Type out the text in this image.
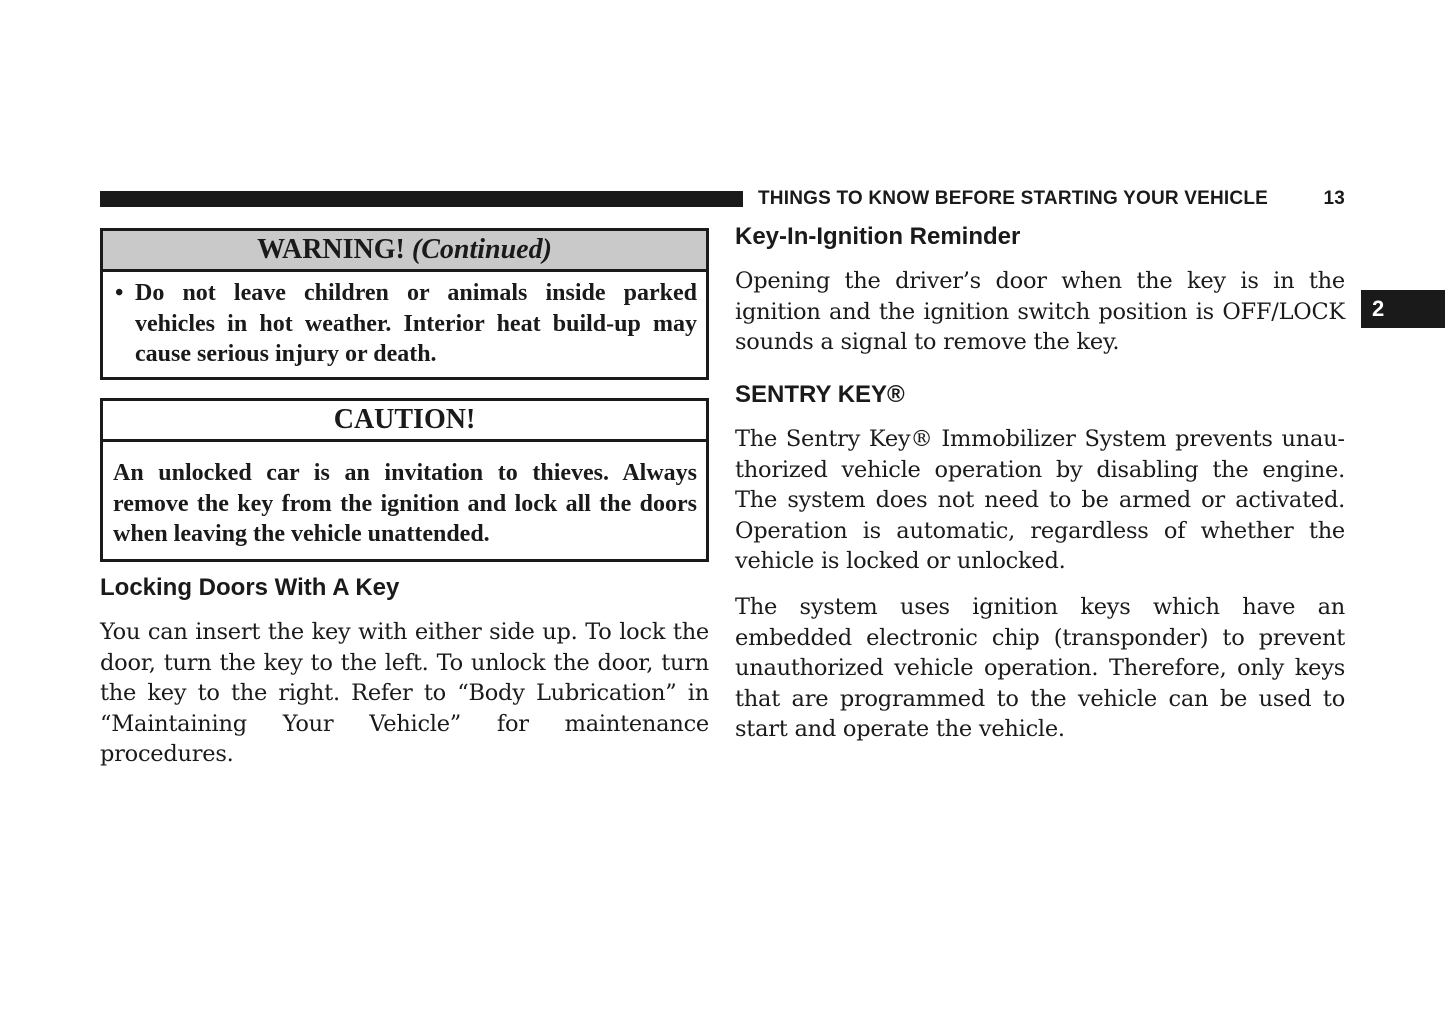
THINGS TO KNOW BEFORE STARTING YOUR VEHICLE	13
2
WARNING! (Continued)
• Do not leave children or animals inside parked vehicles in hot weather. Interior heat build-up may cause serious injury or death.
CAUTION!
An unlocked car is an invitation to thieves. Always remove the key from the ignition and lock all the doors when leaving the vehicle unattended.
Locking Doors With A Key
You can insert the key with either side up. To lock the door, turn the key to the left. To unlock the door, turn the key to the right. Refer to “Body Lubrication” in “Maintaining Your Vehicle” for maintenance procedures.
Key-In-Ignition Reminder
Opening the driver’s door when the key is in the ignition and the ignition switch position is OFF/LOCK sounds a signal to remove the key.
SENTRY KEY®
The Sentry Key® Immobilizer System prevents unauthorized vehicle operation by disabling the engine. The system does not need to be armed or activated. Operation is automatic, regardless of whether the vehicle is locked or unlocked.
The system uses ignition keys which have an embedded electronic chip (transponder) to prevent unauthorized vehicle operation. Therefore, only keys that are programmed to the vehicle can be used to start and operate the vehicle.
